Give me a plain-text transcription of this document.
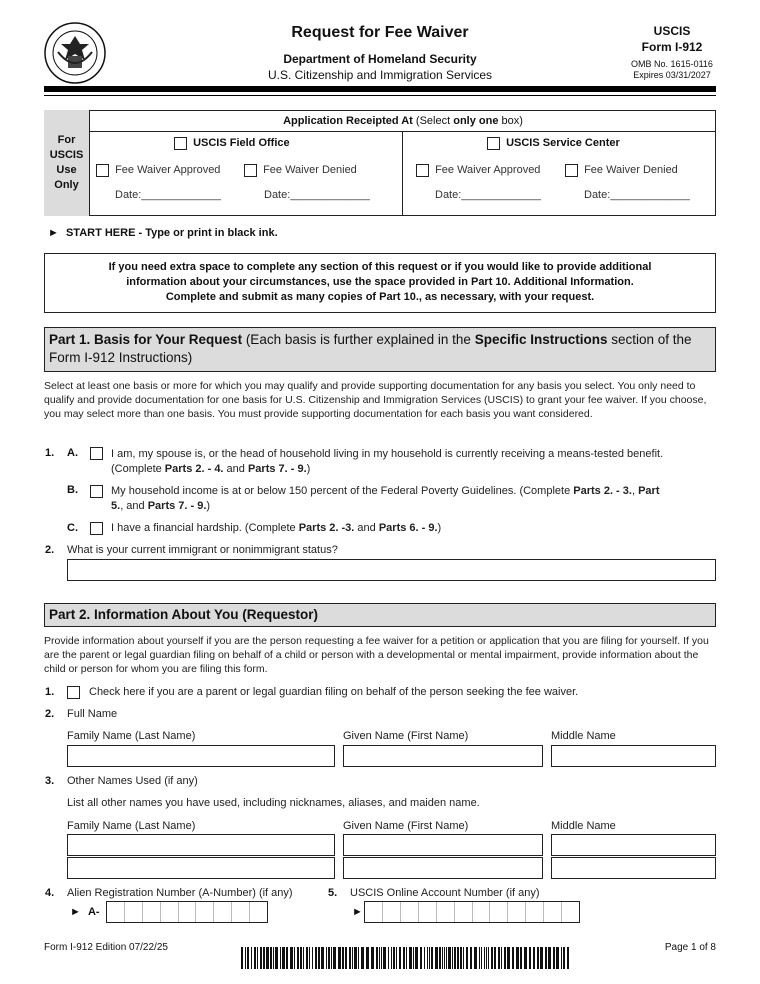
Request for Fee Waiver
Department of Homeland Security
U.S. Citizenship and Immigration Services
USCIS
Form I-912
OMB No. 1615-0116
Expires 03/31/2027
For
USCIS
Use
Only
Application Receipted At (Select only one box)
USCIS Field Office	USCIS Service Center
Fee Waiver Approved	Fee Waiver Denied	Fee Waiver Approved	Fee Waiver Denied
Date:_____________	Date:_____________	Date:_____________	Date:_____________
► START HERE - Type or print in black ink.
If you need extra space to complete any section of this request or if you would like to provide additional
information about your circumstances, use the space provided in Part 10. Additional Information.
Complete and submit as many copies of Part 10., as necessary, with your request.
Part 1. Basis for Your Request (Each basis is further explained in the Specific Instructions section of the Form I-912 Instructions)
Select at least one basis or more for which you may qualify and provide supporting documentation for any basis you select. You only need to qualify and provide documentation for one basis for U.S. Citizenship and Immigration Services (USCIS) to grant your fee waiver. If you choose, you may select more than one basis. You must provide supporting documentation for each basis you want considered.
1. A.	I am, my spouse is, or the head of household living in my household is currently receiving a means-tested benefit.
(Complete Parts 2. - 4. and Parts 7. - 9.)
B.	My household income is at or below 150 percent of the Federal Poverty Guidelines. (Complete Parts 2. - 3., Part
5., and Parts 7. - 9.)
C.	I have a financial hardship. (Complete Parts 2. -3. and Parts 6. - 9.)
2. What is your current immigrant or nonimmigrant status?
Part 2. Information About You (Requestor)
Provide information about yourself if you are the person requesting a fee waiver for a petition or application that you are filing for yourself. If you are the parent or legal guardian filing on behalf of a child or person with a developmental or mental impairment, provide information about the child or person for whom you are filing this form.
1.	Check here if you are a parent or legal guardian filing on behalf of the person seeking the fee waiver.
2. Full Name
Family Name (Last Name)	Given Name (First Name)	Middle Name
3. Other Names Used (if any)
List all other names you have used, including nicknames, aliases, and maiden name.
Family Name (Last Name)	Given Name (First Name)	Middle Name
4. Alien Registration Number (A-Number) (if any)	5. USCIS Online Account Number (if any)
► A-	►
Form I-912 Edition 07/22/25	Page 1 of 8
